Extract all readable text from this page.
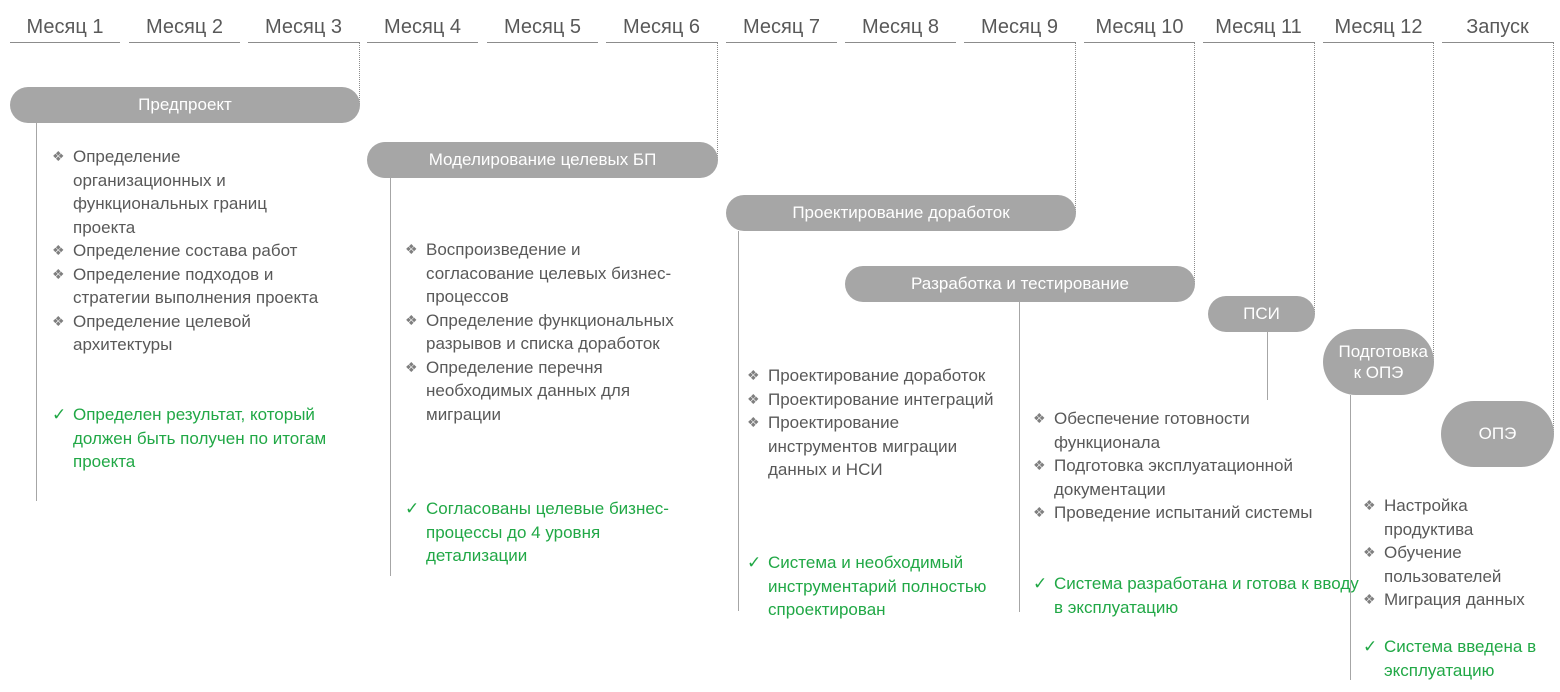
Месяц 1	Месяц 2	Месяц 3	Месяц 4	Месяц 5	Месяц 6	Месяц 7	Месяц 8	Месяц 9	Месяц 10	Месяц 11	Месяц 12	Запуск
Предпроект
❖ Определение организационных и функциональных границ проекта
❖ Определение состава работ
❖ Определение подходов и стратегии выполнения проекта
❖ Определение целевой архитектуры
✓ Определен результат, который должен быть получен по итогам проекта
Моделирование целевых БП
❖ Воспроизведение и согласование целевых бизнес-процессов
❖ Определение функциональных разрывов и списка доработок
❖ Определение перечня необходимых данных для миграции
✓ Согласованы целевые бизнес-процессы до 4 уровня детализации
Проектирование доработок
❖ Проектирование доработок
❖ Проектирование интеграций
❖ Проектирование инструментов миграции данных и НСИ
✓ Система и необходимый инструментарий полностью спроектирован
Разработка и тестирование
❖ Обеспечение готовности функционала
❖ Подготовка эксплуатационной документации
❖ Проведение испытаний системы
✓ Система разработана и готова к вводу в эксплуатацию
ПСИ
Подготовка к ОПЭ
❖ Настройка продуктива
❖ Обучение пользователей
❖ Миграция данных
✓ Система введена в эксплуатацию
ОПЭ
